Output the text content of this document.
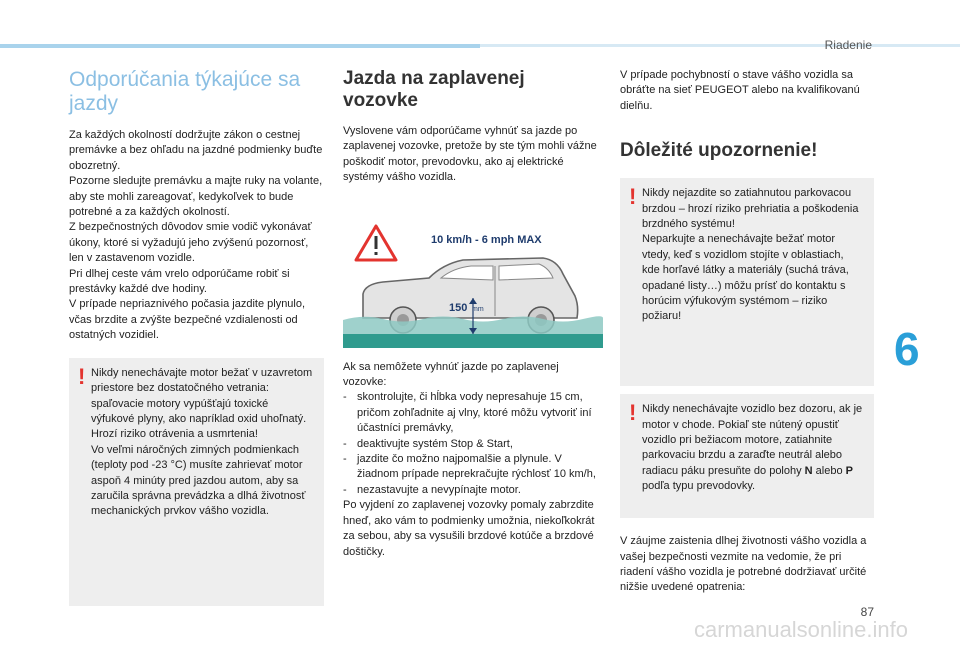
Riadenie
6
87
carmanualsonline.info
Odporúčania týkajúce sa jazdy

Za každých okolností dodržujte zákon o cestnej premávke a bez ohľadu na jazdné podmienky buďte obozretný.
Pozorne sledujte premávku a majte ruky na volante, aby ste mohli zareagovať, kedykoľvek to bude potrebné a za každých okolností.
Z bezpečnostných dôvodov smie vodič vykonávať úkony, ktoré si vyžadujú jeho zvýšenú pozornosť, len v zastavenom vozidle.
Pri dlhej ceste vám vrelo odporúčame robiť si prestávky každé dve hodiny.
V prípade nepriaznivého počasia jazdite plynulo, včas brzdite a zvýšte bezpečné vzdialenosti od ostatných vozidiel.

! Nikdy nenechávajte motor bežať v uzavretom priestore bez dostatočného vetrania: spaľovacie motory vypúšťajú toxické výfukové plyny, ako napríklad oxid uhoľnatý. Hrozí riziko otrávenia a usmrtenia!
Vo veľmi náročných zimných podmienkach (teploty pod -23 °C) musíte zahrievať motor aspoň 4 minúty pred jazdou autom, aby sa zaručila správna prevádzka a dlhá životnosť mechanických prvkov vášho vozidla.

Jazda na zaplavenej vozovke

Vyslovene vám odporúčame vyhnúť sa jazde po zaplavenej vozovke, pretože by ste tým mohli vážne poškodiť motor, prevodovku, ako aj elektrické systémy vášho vozidla.

10 km/h - 6 mph MAX
150 mm

Ak sa nemôžete vyhnúť jazde po zaplavenej vozovke:

- skontrolujte, či hĺbka vody nepresahuje 15 cm, pričom zohľadnite aj vlny, ktoré môžu vytvoriť iní účastníci premávky,
- deaktivujte systém Stop & Start,
- jazdite čo možno najpomalšie a plynule. V žiadnom prípade neprekračujte rýchlosť 10 km/h,
- nezastavujte a nevypínajte motor.

Po vyjdení zo zaplavenej vozovky pomaly zabrzdite hneď, ako vám to podmienky umožnia, niekoľkokrát za sebou, aby sa vysušili brzdové kotúče a brzdové doštičky.

V prípade pochybností o stave vášho vozidla sa obráťte na sieť PEUGEOT alebo na kvalifikovanú dielňu.

Dôležité upozornenie!
! Nikdy nejazdite so zatiahnutou parkovacou brzdou – hrozí riziko prehriatia a poškodenia brzdného systému!
Neparkujte a nenechávajte bežať motor vtedy, keď s vozidlom stojíte v oblastiach, kde horľavé látky a materiály (suchá tráva, opadané listy…) môžu prísť do kontaktu s horúcim výfukovým systémom – riziko požiaru!

! Nikdy nenechávajte vozidlo bez dozoru, ak je motor v chode. Pokiaľ ste nútený opustiť vozidlo pri bežiacom motore, zatiahnite parkovaciu brzdu a zaraďte neutrál alebo radiacu páku presuňte do polohy N alebo P podľa typu prevodovky.

V záujme zaistenia dlhej životnosti vášho vozidla a vašej bezpečnosti vezmite na vedomie, že pri riadení vášho vozidla je potrebné dodržiavať určité nižšie uvedené opatrenia:
